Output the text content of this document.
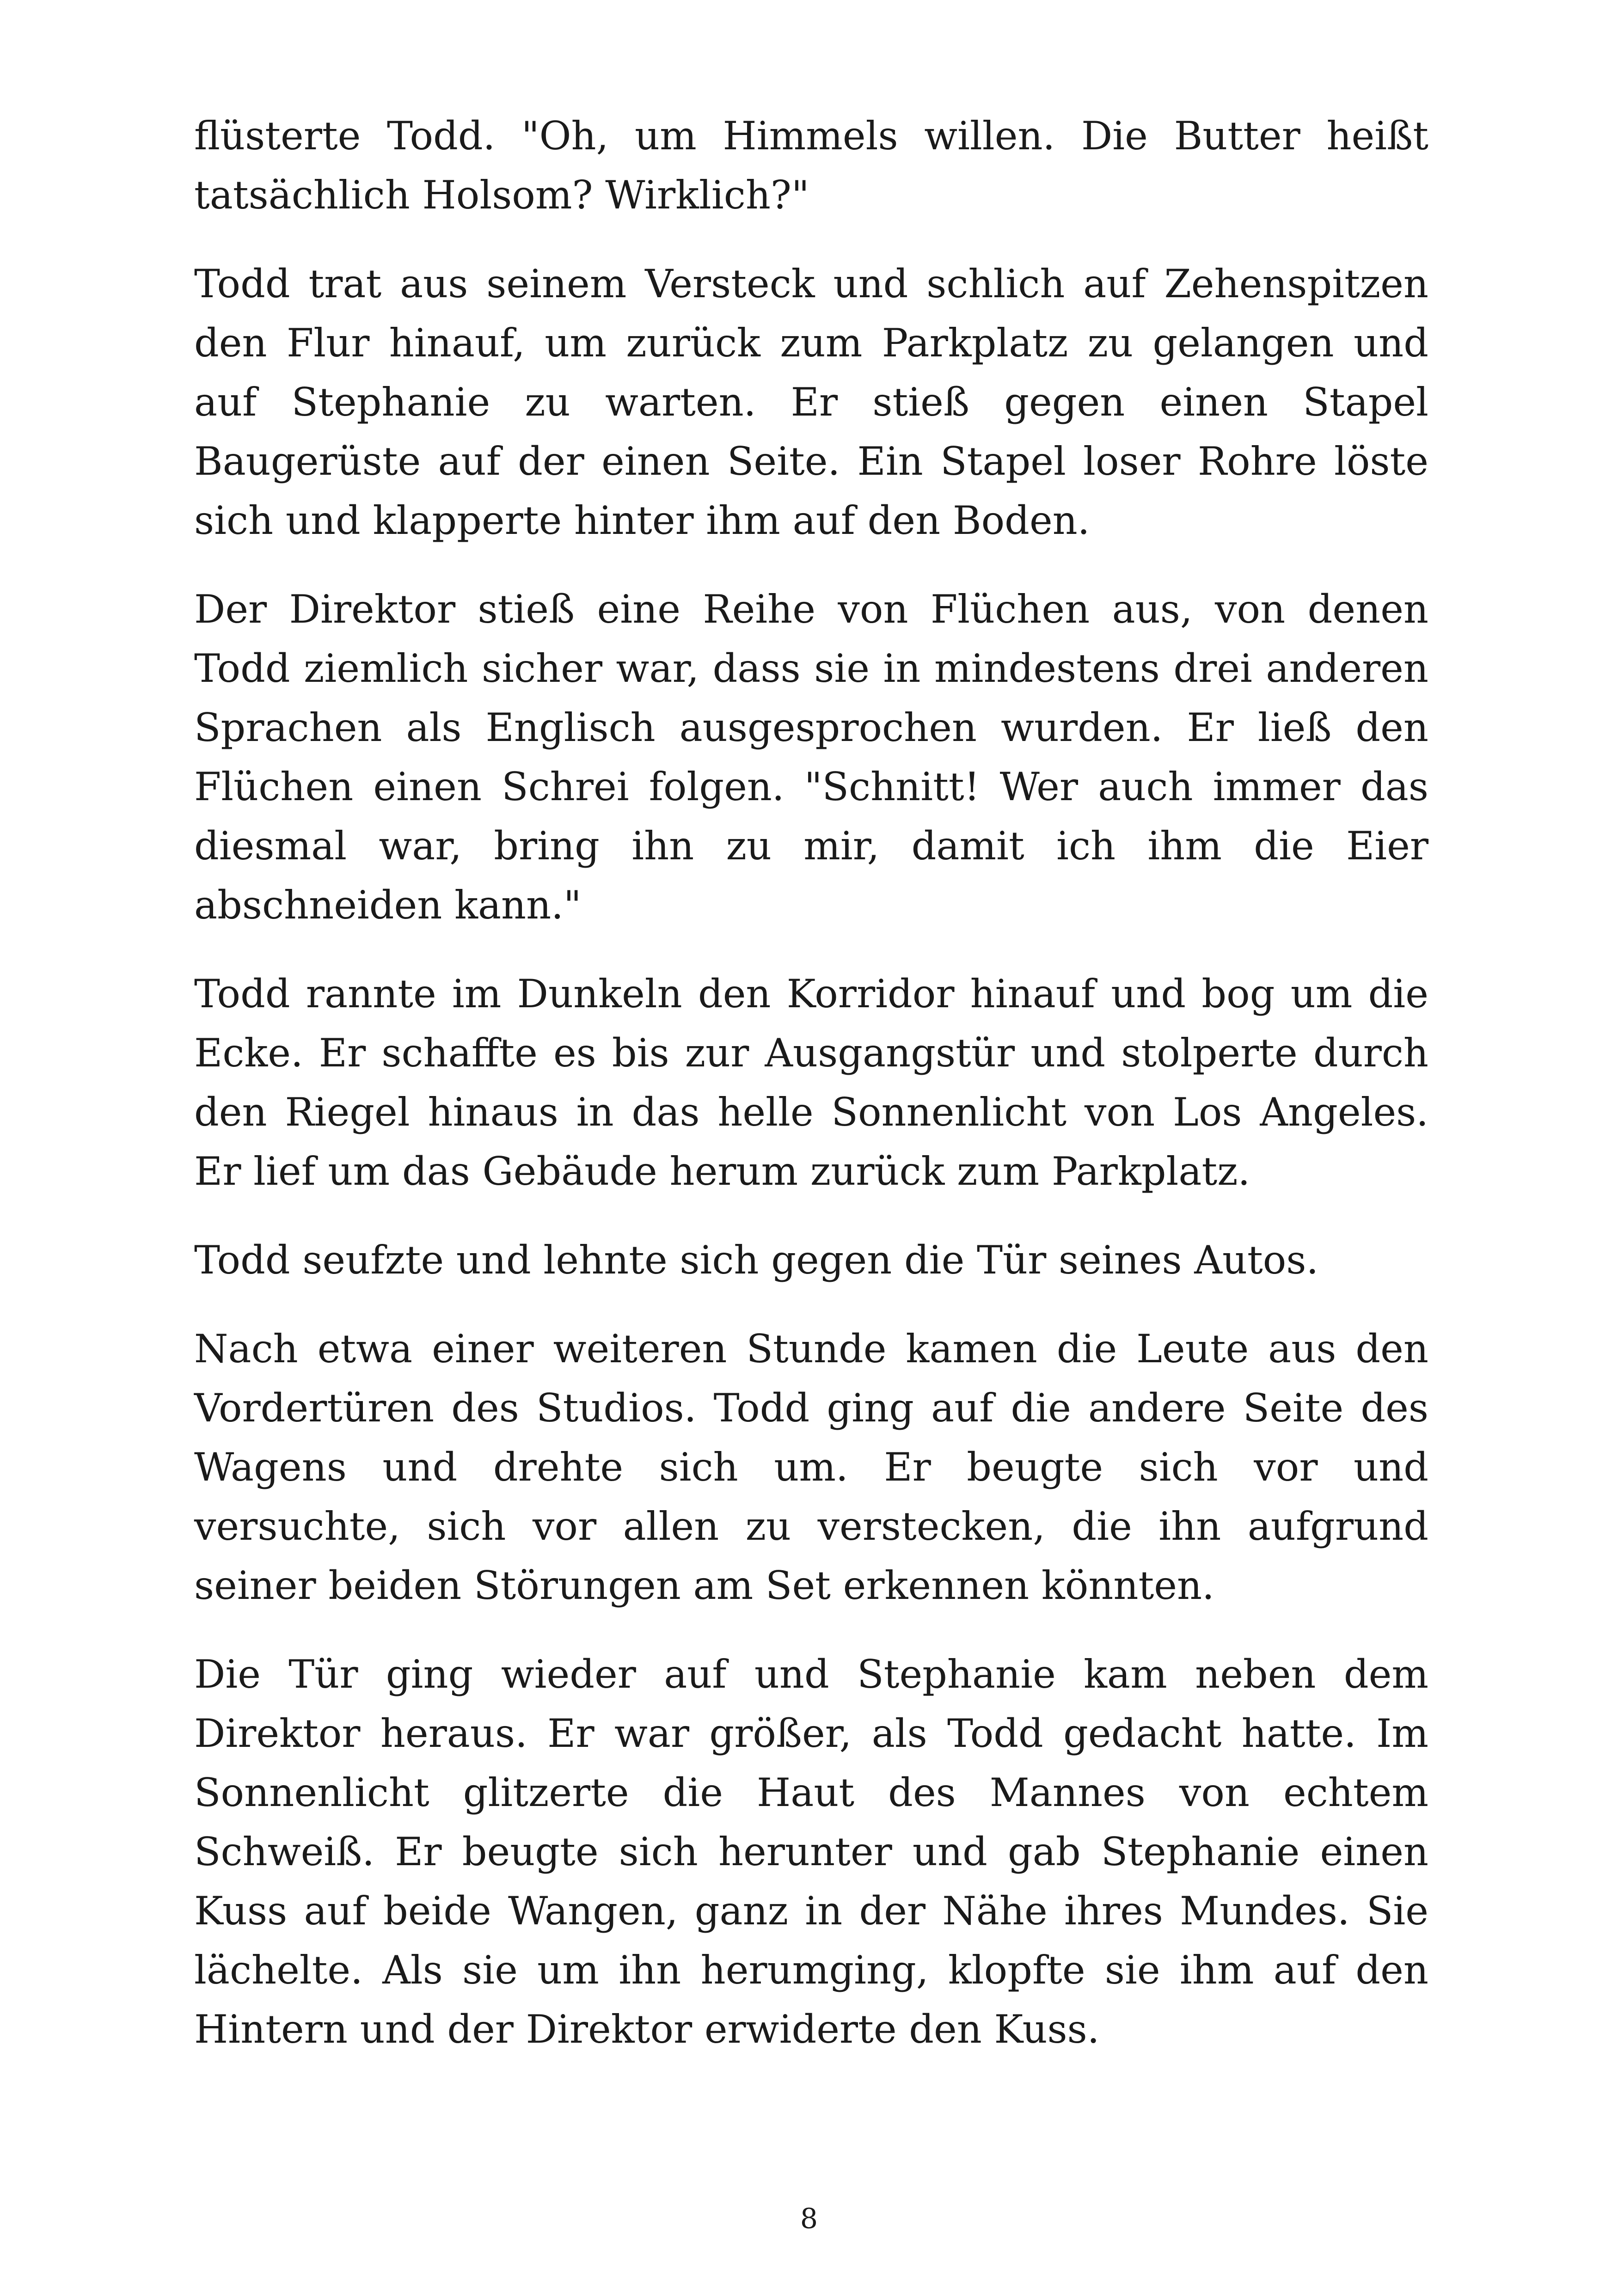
flüsterte Todd. "Oh, um Himmels willen. Die Butter heißt tatsächlich Holsom? Wirklich?"

Todd trat aus seinem Versteck und schlich auf Zehenspitzen den Flur hinauf, um zurück zum Parkplatz zu gelangen und auf Stephanie zu warten. Er stieß gegen einen Stapel Baugerüste auf der einen Seite. Ein Stapel loser Rohre löste sich und klapperte hinter ihm auf den Boden.

Der Direktor stieß eine Reihe von Flüchen aus, von denen Todd ziemlich sicher war, dass sie in mindestens drei anderen Sprachen als Englisch ausgesprochen wurden. Er ließ den Flüchen einen Schrei folgen. "Schnitt! Wer auch immer das diesmal war, bring ihn zu mir, damit ich ihm die Eier abschneiden kann."

Todd rannte im Dunkeln den Korridor hinauf und bog um die Ecke. Er schaffte es bis zur Ausgangstür und stolperte durch den Riegel hinaus in das helle Sonnenlicht von Los Angeles. Er lief um das Gebäude herum zurück zum Parkplatz.

Todd seufzte und lehnte sich gegen die Tür seines Autos.

Nach etwa einer weiteren Stunde kamen die Leute aus den Vordertüren des Studios. Todd ging auf die andere Seite des Wagens und drehte sich um. Er beugte sich vor und versuchte, sich vor allen zu verstecken, die ihn aufgrund seiner beiden Störungen am Set erkennen könnten.

Die Tür ging wieder auf und Stephanie kam neben dem Direktor heraus. Er war größer, als Todd gedacht hatte. Im Sonnenlicht glitzerte die Haut des Mannes von echtem Schweiß. Er beugte sich herunter und gab Stephanie einen Kuss auf beide Wangen, ganz in der Nähe ihres Mundes. Sie lächelte. Als sie um ihn herumging, klopfte sie ihm auf den Hintern und der Direktor erwiderte den Kuss.

8
